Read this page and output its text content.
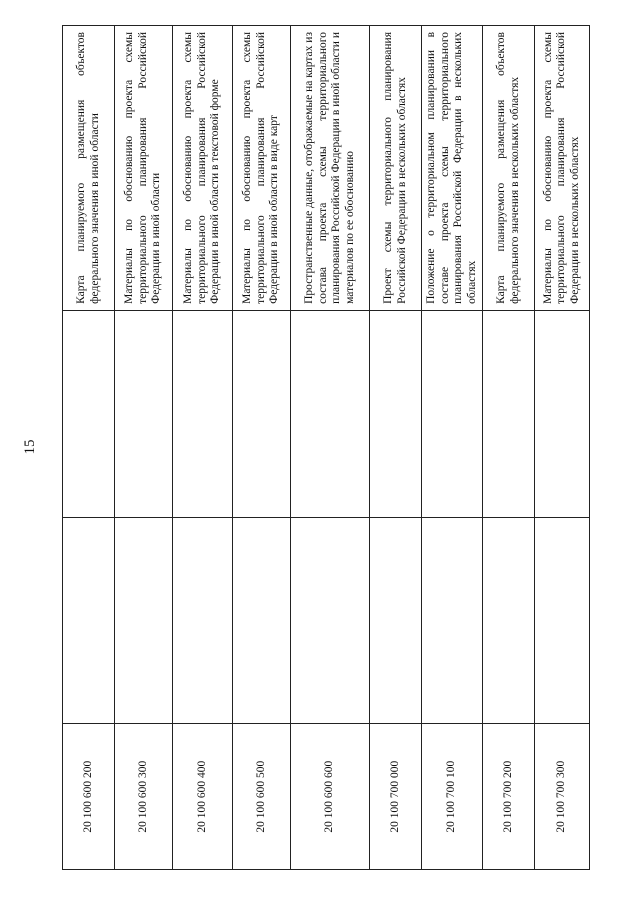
15
20 100 600 200			Карта планируемого размещения объектов федерального значения в иной области
20 100 600 300			Материалы по обоснованию проекта схемы территориального планирования Российской Федерации в иной области
20 100 600 400			Материалы по обоснованию проекта схемы территориального планирования Российской Федерации в иной области в текстовой форме
20 100 600 500			Материалы по обоснованию проекта схемы территориального планирования Российской Федерации в иной области в виде карт
20 100 600 600			Пространственные данные, отображаемые на картах из состава проекта схемы территориального планирования Российской Федерации в иной области и материалов по ее обоснованию
20 100 700 000			Проект схемы территориального планирования Российской Федерации в нескольких областях
20 100 700 100			Положение о территориальном планировании в составе проекта схемы территориального планирования Российской Федерации в нескольких областях
20 100 700 200			Карта планируемого размещения объектов федерального значения в нескольких областях
20 100 700 300			Материалы по обоснованию проекта схемы территориального планирования Российской Федерации в нескольких областях
